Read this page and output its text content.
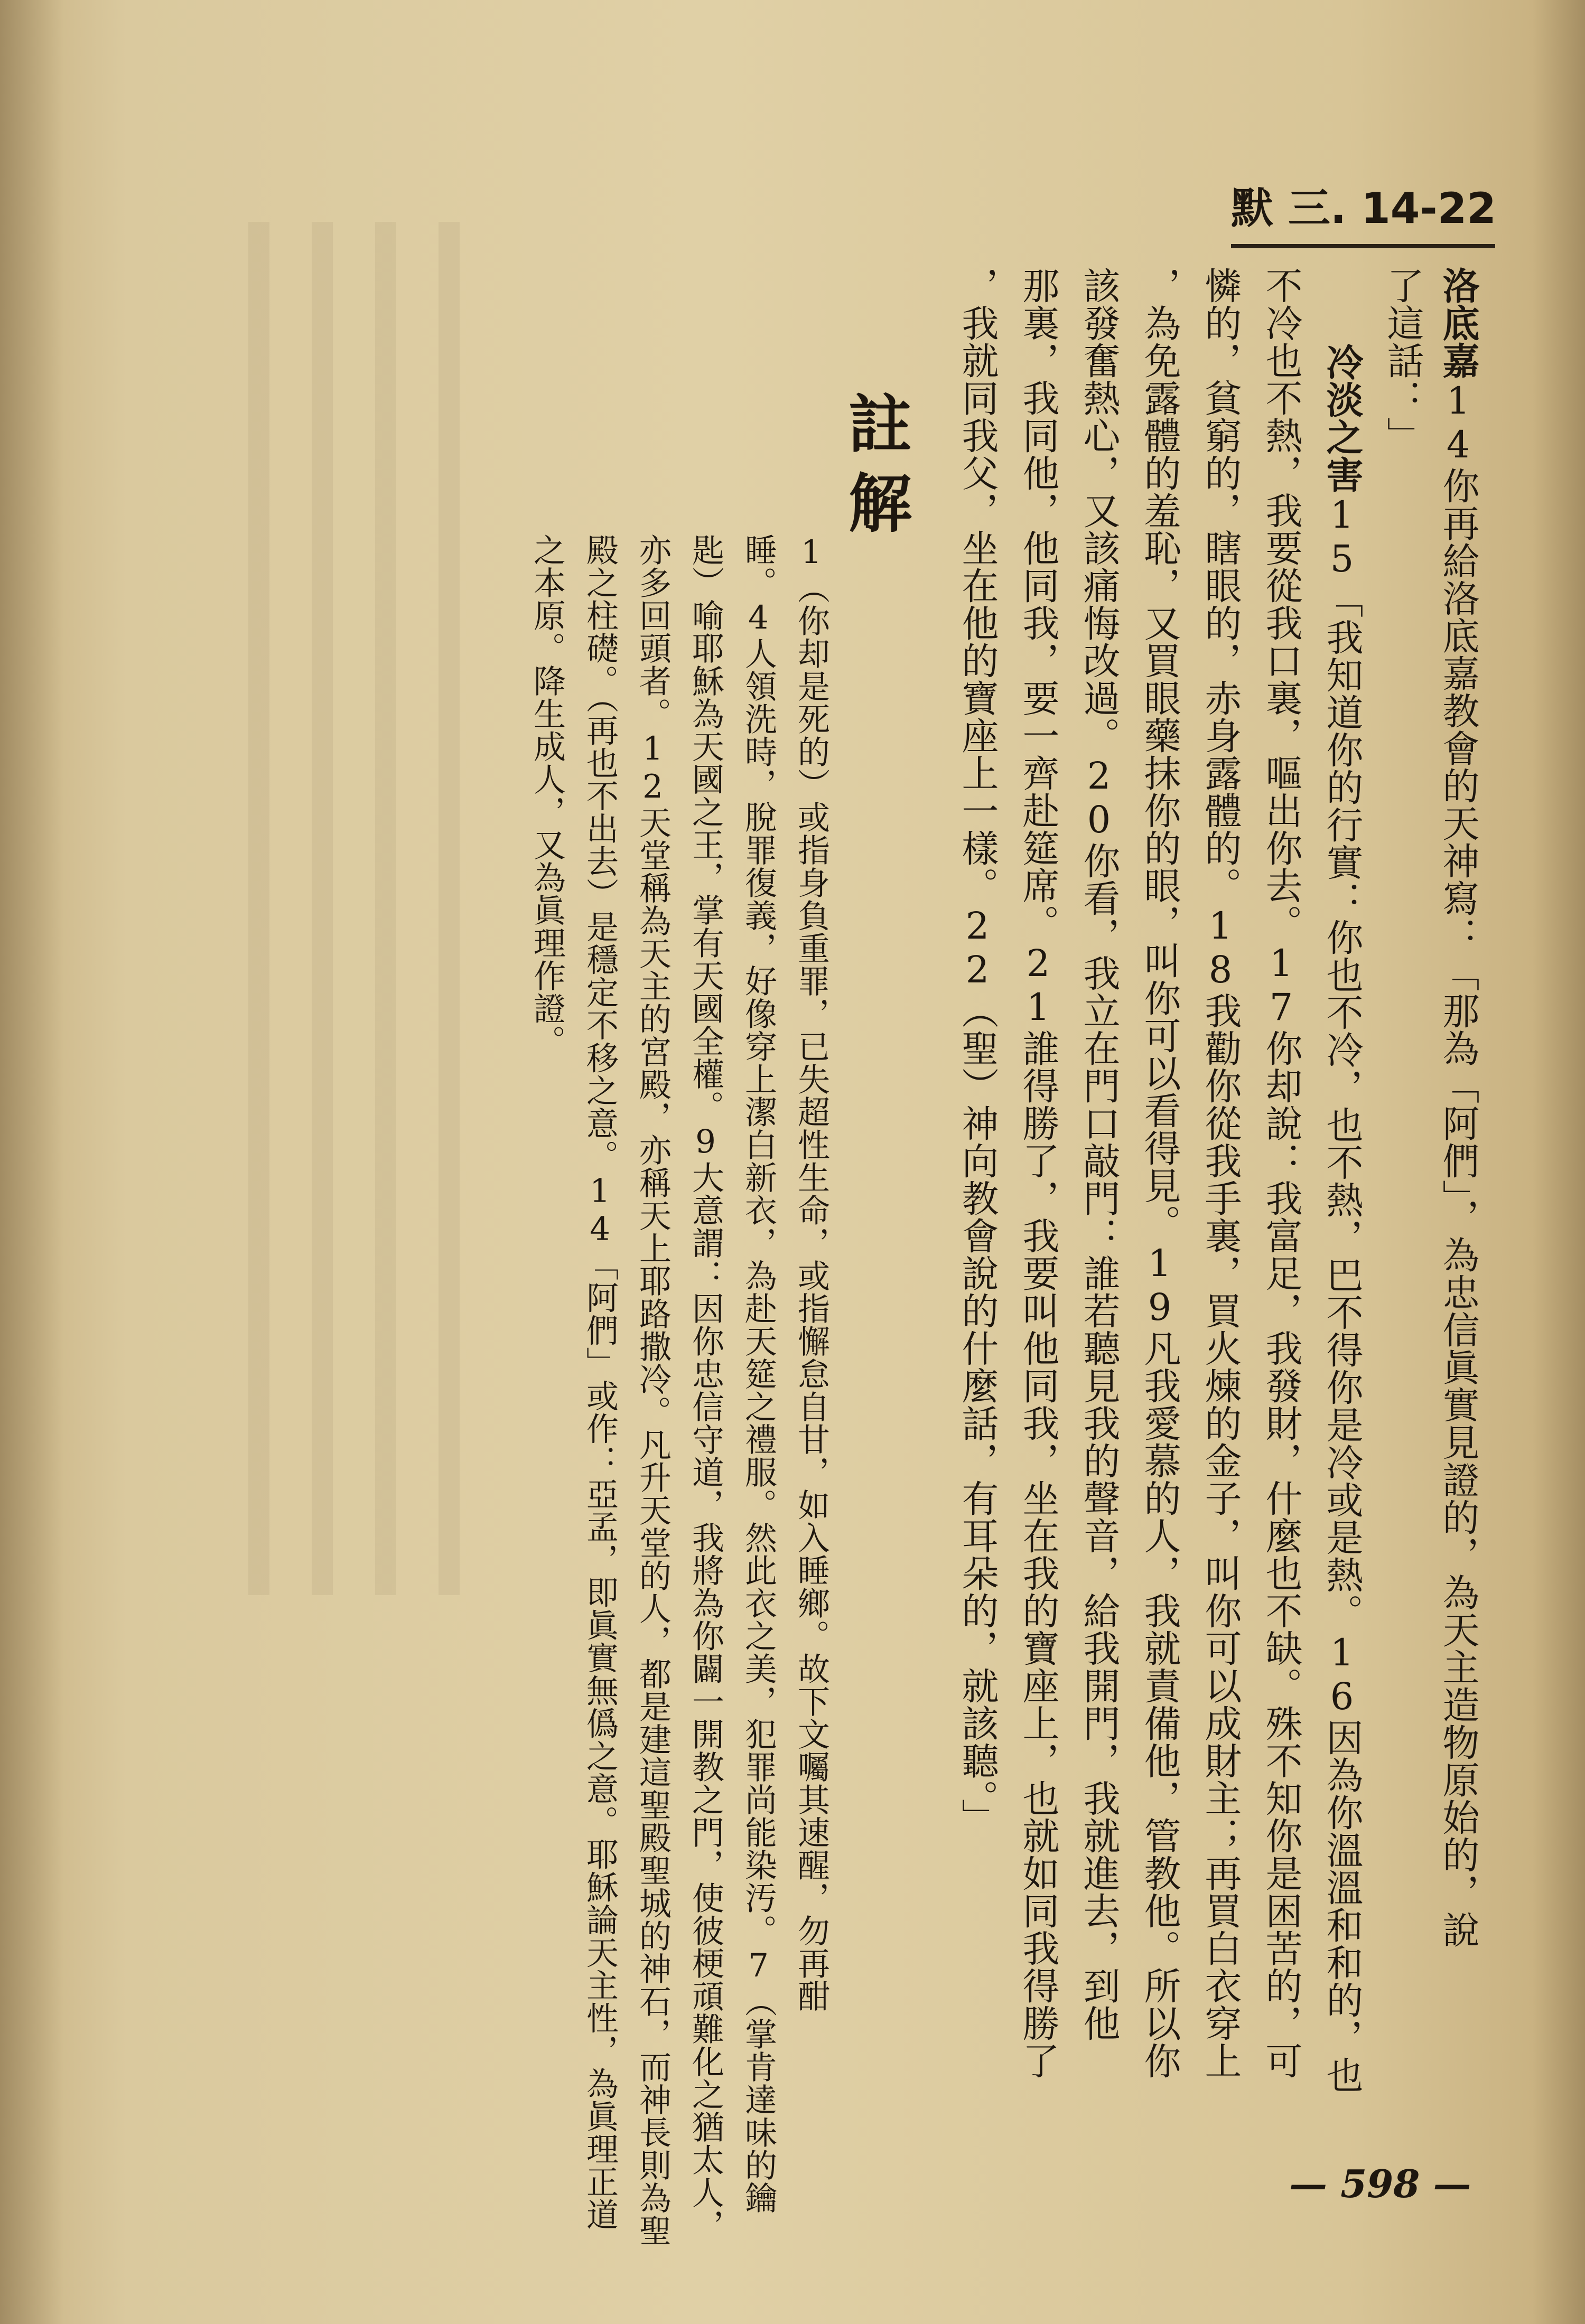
默 三. 14-22
洛底嘉14你再給洛底嘉教會的天神寫：「那為「阿們」，為忠信眞實見證的，為天主造物原始的，說
了這話：」
冷淡之害15「我知道你的行實：你也不冷，也不熱，巴不得你是冷或是熱。16因為你溫溫和和的，也
不冷也不熱，我要從我口裏，嘔出你去。17你却說：我富足，我發財，什麼也不缺。殊不知你是困苦的，可
憐的，貧窮的，瞎眼的，赤身露體的。18我勸你從我手裏，買火煉的金子，叫你可以成財主；再買白衣穿上
，為免露體的羞恥，又買眼藥抹你的眼，叫你可以看得見。19凡我愛慕的人，我就責備他，管教他。所以你
該發奮熱心，又該痛悔改過。20你看，我立在門口敲門：誰若聽見我的聲音，給我開門，我就進去，到他
那裏，我同他，他同我，要一齊赴筵席。21誰得勝了，我要叫他同我，坐在我的寶座上，也就如同我得勝了
，我就同我父，坐在他的寶座上一樣。22（聖）神向教會說的什麼話，有耳朵的，就該聽。」
註解
1（你却是死的）或指身負重罪，已失超性生命，或指懈怠自甘，如入睡鄉。故下文囑其速醒，勿再酣
睡。4人領洗時，脫罪復義，好像穿上潔白新衣，為赴天筵之禮服。然此衣之美，犯罪尚能染汚。7（掌肯達味的鑰
匙）喻耶穌為天國之王，掌有天國全權。9大意謂：因你忠信守道，我將為你闢一開教之門，使彼梗頑難化之猶太人，
亦多回頭者。12天堂稱為天主的宮殿，亦稱天上耶路撒冷。凡升天堂的人，都是建這聖殿聖城的神石，而神長則為聖
殿之柱礎。（再也不出去）是穩定不移之意。14「阿們」或作：亞孟，即眞實無僞之意。耶穌論天主性，為眞理正道
之本原。降生成人，又為眞理作證。
— 598 —
